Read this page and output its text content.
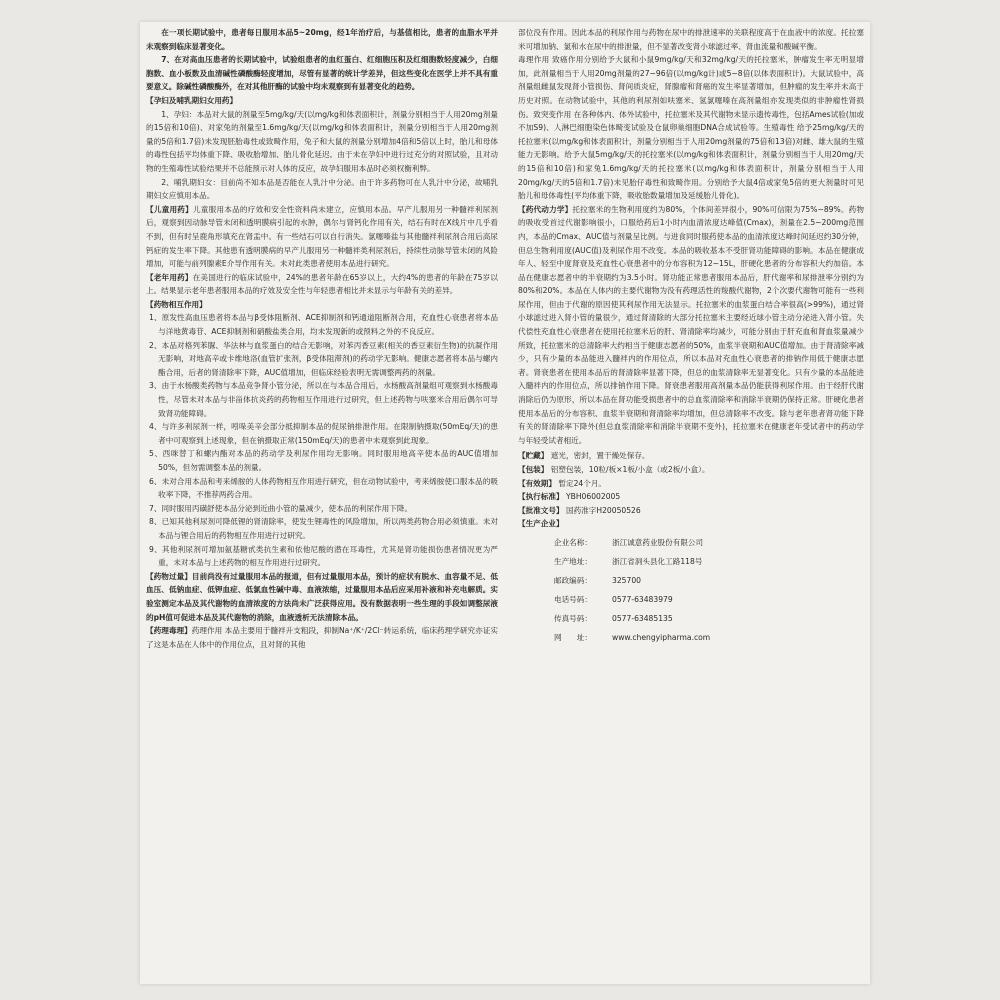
在一项长期试验中，患者每日服用本品5~20mg，经1年治疗后，与基值相比，患者的血脂水平并未观察到临床显著变化。

7、在对高血压患者的长期试验中，试验组患者的血红蛋白、红细胞压积及红细胞数轻度减少，白细胞数、血小板数及血清碱性磷酸酶轻度增加，尽管有显著的统计学差异，但这些变化在医学上并不具有重要意义。除碱性磷酸酶外，在对其他肝酶的试验中均未观察到有显著变化的趋势。

【孕妇及哺乳期妇女用药】

1、孕妇：本品对大鼠的剂量至5mg/kg/天(以mg/kg和体表面积计，剂量分别相当于人用20mg剂量的15倍和10倍)、对家兔的剂量至1.6mg/kg/天(以mg/kg和体表面积计，剂量分别相当于人用20mg剂量的5倍和1.7倍)未发现胚胎毒性或致畸作用，兔子和大鼠的剂量分别增加4倍和5倍以上时，胎儿和母体的毒性包括平均体重下降、吸收胎增加、胎儿骨化延迟。由于未在孕妇中进行过充分的对照试验，且对动物的生殖毒性试验结果并不总能预示对人体的反应，故孕妇服用本品时必须权衡利弊。

2、哺乳期妇女：目前尚不知本品是否能在人乳汁中分泌。由于许多药物可在人乳汁中分泌，故哺乳期妇女应慎用本品。

【儿童用药】儿童服用本品的疗效和安全性资料尚未建立，应慎用本品。早产儿服用另一种髓袢利尿剂后，观察到因动脉导管未闭和透明膜病引起的水肿，偶尔与肾钙化作用有关，结石有时在X线片中几乎看不到，但有时呈鹿角形填充在肾盂中。有一些结石可以自行消失。氯噻嗪盐与其他髓袢利尿剂合用后高尿钙症的发生率下降。其他患有透明膜病的早产儿服用另一种髓袢类利尿剂后，持续性动脉导管未闭的风险增加，可能与前列腺素E介导作用有关。未对此类患者使用本品进行研究。

【老年用药】在美国进行的临床试验中，24%的患者年龄在65岁以上，大约4%的患者的年龄在75岁以上。结果显示老年患者服用本品的疗效及安全性与年轻患者相比并未显示与年龄有关的差异。

【药物相互作用】

1、原发性高血压患者将本品与β受体阻断剂、ACE抑制剂和钙通道阻断剂合用，充血性心衰患者将本品与洋地黄毒苷、ACE抑制剂和硝酸盐类合用，均未发现新的或预料之外的不良反应。

2、本品对格列苯脲、华法林与血浆蛋白的结合无影响，对苯丙香豆素(相关的香豆素衍生物)的抗凝作用无影响，对地高辛或卡维地洛(血管扩张剂，β受体阻滞剂)的药动学无影响。健康志愿者将本品与螺内酯合用，后者的肾清除率下降，AUC值增加，但临床经验表明无需调整两药的剂量。

3、由于水杨酸类药物与本品竞争肾小管分泌，所以在与本品合用后，水杨酸高剂量组可观察到水杨酸毒性，尽管未对本品与非甾体抗炎药的药物相互作用进行过研究，但上述药物与呋塞米合用后偶尔可导致肾功能障碍。

4、与许多利尿剂一样，吲哚美辛会部分抵抑制本品的促尿钠排泄作用。在限制钠摄取(50mEq/天)的患者中可观察到上述现象，但在钠摄取正常(150mEq/天)的患者中未观察到此现象。

5、西咪替丁和螺内酯对本品的药动学及利尿作用均无影响。同时服用地高辛使本品的AUC值增加50%，但勿需调整本品的剂量。

6、未对合用本品和考来烯胺的人体药物相互作用进行研究，但在动物试验中，考来烯胺使口服本品的吸收率下降，不推荐两药合用。

7、同时服用丙磺舒使本品分泌到近曲小管的量减少，使本品的利尿作用下降。

8、已知其他利尿剂可降低锂的肾清除率，使发生锂毒性的风险增加，所以两类药物合用必须慎重。未对本品与锂合用后的药物相互作用进行过研究。

9、其他利尿剂可增加氨基糖甙类抗生素和依他尼酸的潜在耳毒性，尤其是肾功能损伤患者情况更为严重，未对本品与上述药物的相互作用进行过研究。

【药物过量】目前尚没有过量服用本品的报道，但有过量服用本品，预计的症状有脱水、血容量不足、低血压、低钠血症、低钾血症、低氯血性碱中毒、血液浓缩，过量服用本品后应采用补液和补充电解质。实验室测定本品及其代谢物的血清浓度的方法尚未广泛获得应用。没有数据表明一些生理的手段如调整尿液的pH值可促进本品及其代谢物的消除，血液透析无法清除本品。

【药理毒理】药理作用 本品主要用于髓袢升支粗段，抑制Na⁺/K⁺/2Cl⁻转运系统，临床药理学研究亦证实了这是本品在人体中的作用位点，且对肾的其他

部位没有作用。因此本品的利尿作用与药物在尿中的排泄速率的关联程度高于在血液中的浓度。托拉塞米可增加钠、氯和水在尿中的排泄量，但不显著改变肾小球滤过率、肾血流量和酸碱平衡。

毒理作用 致癌作用分别给予大鼠和小鼠9mg/kg/天和32mg/kg/天的托拉塞米，肿瘤发生率无明显增加，此剂量相当于人用20mg剂量的27~96倍(以mg/kg计)或5~8倍(以体表面积计)。大鼠试验中，高剂量组雌鼠发现肾小管损伤、肾间质炎症，肾腺瘤和肾癌的发生率显著增加，但肿瘤的发生率并未高于历史对照。在动物试验中，其他的利尿剂如呋塞米、氢氯噻嗪在高剂量组亦发现类似的非肿瘤性肾损伤。致突变作用 在各种体内、体外试验中，托拉塞米及其代谢物未显示遗传毒性，包括Ames试验(加或不加S9)、人淋巴细胞染色体畸变试验及仓鼠卵巢细胞DNA合成试验等。生殖毒性 给予25mg/kg/天的托拉塞米(以mg/kg和体表面积计，剂量分别相当于人用20mg剂量的75倍和13倍)对雌、雄大鼠的生殖能力无影响。给予大鼠5mg/kg/天的托拉塞米(以mg/kg和体表面积计，剂量分别相当于人用20mg/天的15倍和10倍)和家兔1.6mg/kg/天的托拉塞米(以mg/kg和体表面积计，剂量分别相当于人用20mg/kg/天的5倍和1.7倍)未见胎仔毒性和致畸作用。分别给予大鼠4倍或家兔5倍的更大剂量时可见胎儿和母体毒性(平均体重下降，吸收胎数量增加及延缓胎儿骨化)。

【药代动力学】托拉塞米的生物利用度约为80%，个体间差异很小，90%可信限为75%~89%。药物的吸收受首过代谢影响很小，口服给药后1小时内血清浓度达峰值(Cmax)，剂量在2.5~200mg范围内，本品的Cmax、AUC值与剂量呈比例。与进食同时服药使本品的血清浓度达峰时间延迟约30分钟，但总生物利用度(AUC值)及利尿作用不改变。本品的吸收基本不受肝肾功能障碍的影响。本品在健康成年人、轻至中度肾衰及充血性心衰患者中的分布容积为12~15L，肝硬化患者的分布容积大约加倍。本品在健康志愿者中的半衰期约为3.5小时。肾功能正常患者服用本品后，肝代谢率和尿排泄率分别约为80%和20%。本品在人体内的主要代谢物为没有药理活性的羧酸代谢物，2个次要代谢物可能有一些利尿作用，但由于代谢的原因使其利尿作用无法显示。托拉塞米的血浆蛋白结合率很高(>99%)，通过肾小球滤过进入肾小管的量很少，通过肾清除的大部分托拉塞米主要经近球小管主动分泌进入肾小管。失代偿性充血性心衰患者在使用托拉塞米后的肝、肾清除率均减少，可能分别由于肝充血和肾血浆量减少所致，托拉塞米的总清除率大约相当于健康志愿者的50%，血浆半衰期和AUC值增加。由于肾清除率减少，只有少量的本品能进入髓袢内的作用位点，所以本品对充血性心衰患者的排钠作用低于健康志愿者。肾衰患者在使用本品后的肾清除率显著下降，但总的血浆清除率无显著变化。只有少量的本品能进入髓袢内的作用位点，所以排钠作用下降。肾衰患者服用高剂量本品仍能获得利尿作用。由于经肝代谢消除后仍为原形，所以本品在肾功能受损患者中的总血浆清除率和消除半衰期仍保持正常。肝硬化患者使用本品后的分布容积、血浆半衰期和肾清除率均增加，但总清除率不改变。除与老年患者肾功能下降有关的肾清除率下降外(但总血浆清除率和消除半衰期不变外)，托拉塞米在健康老年受试者中的药动学与年轻受试者相近。

【贮藏】 遮光，密封，置干燥处保存。

【包装】 铝塑包装，10粒/板×1板/小盒（或2板/小盒）。

【有效期】 暂定24个月。

【执行标准】 YBH06002005

【批准文号】 国药准字H20050526

【生产企业】

企业名称：	浙江诚意药业股份有限公司

生产地址：	浙江省洞头县化工路118号

邮政编码：	325700

电话号码：	0577-63483979

传真号码：	0577-63485135

网　　址：	www.chengyipharma.com
